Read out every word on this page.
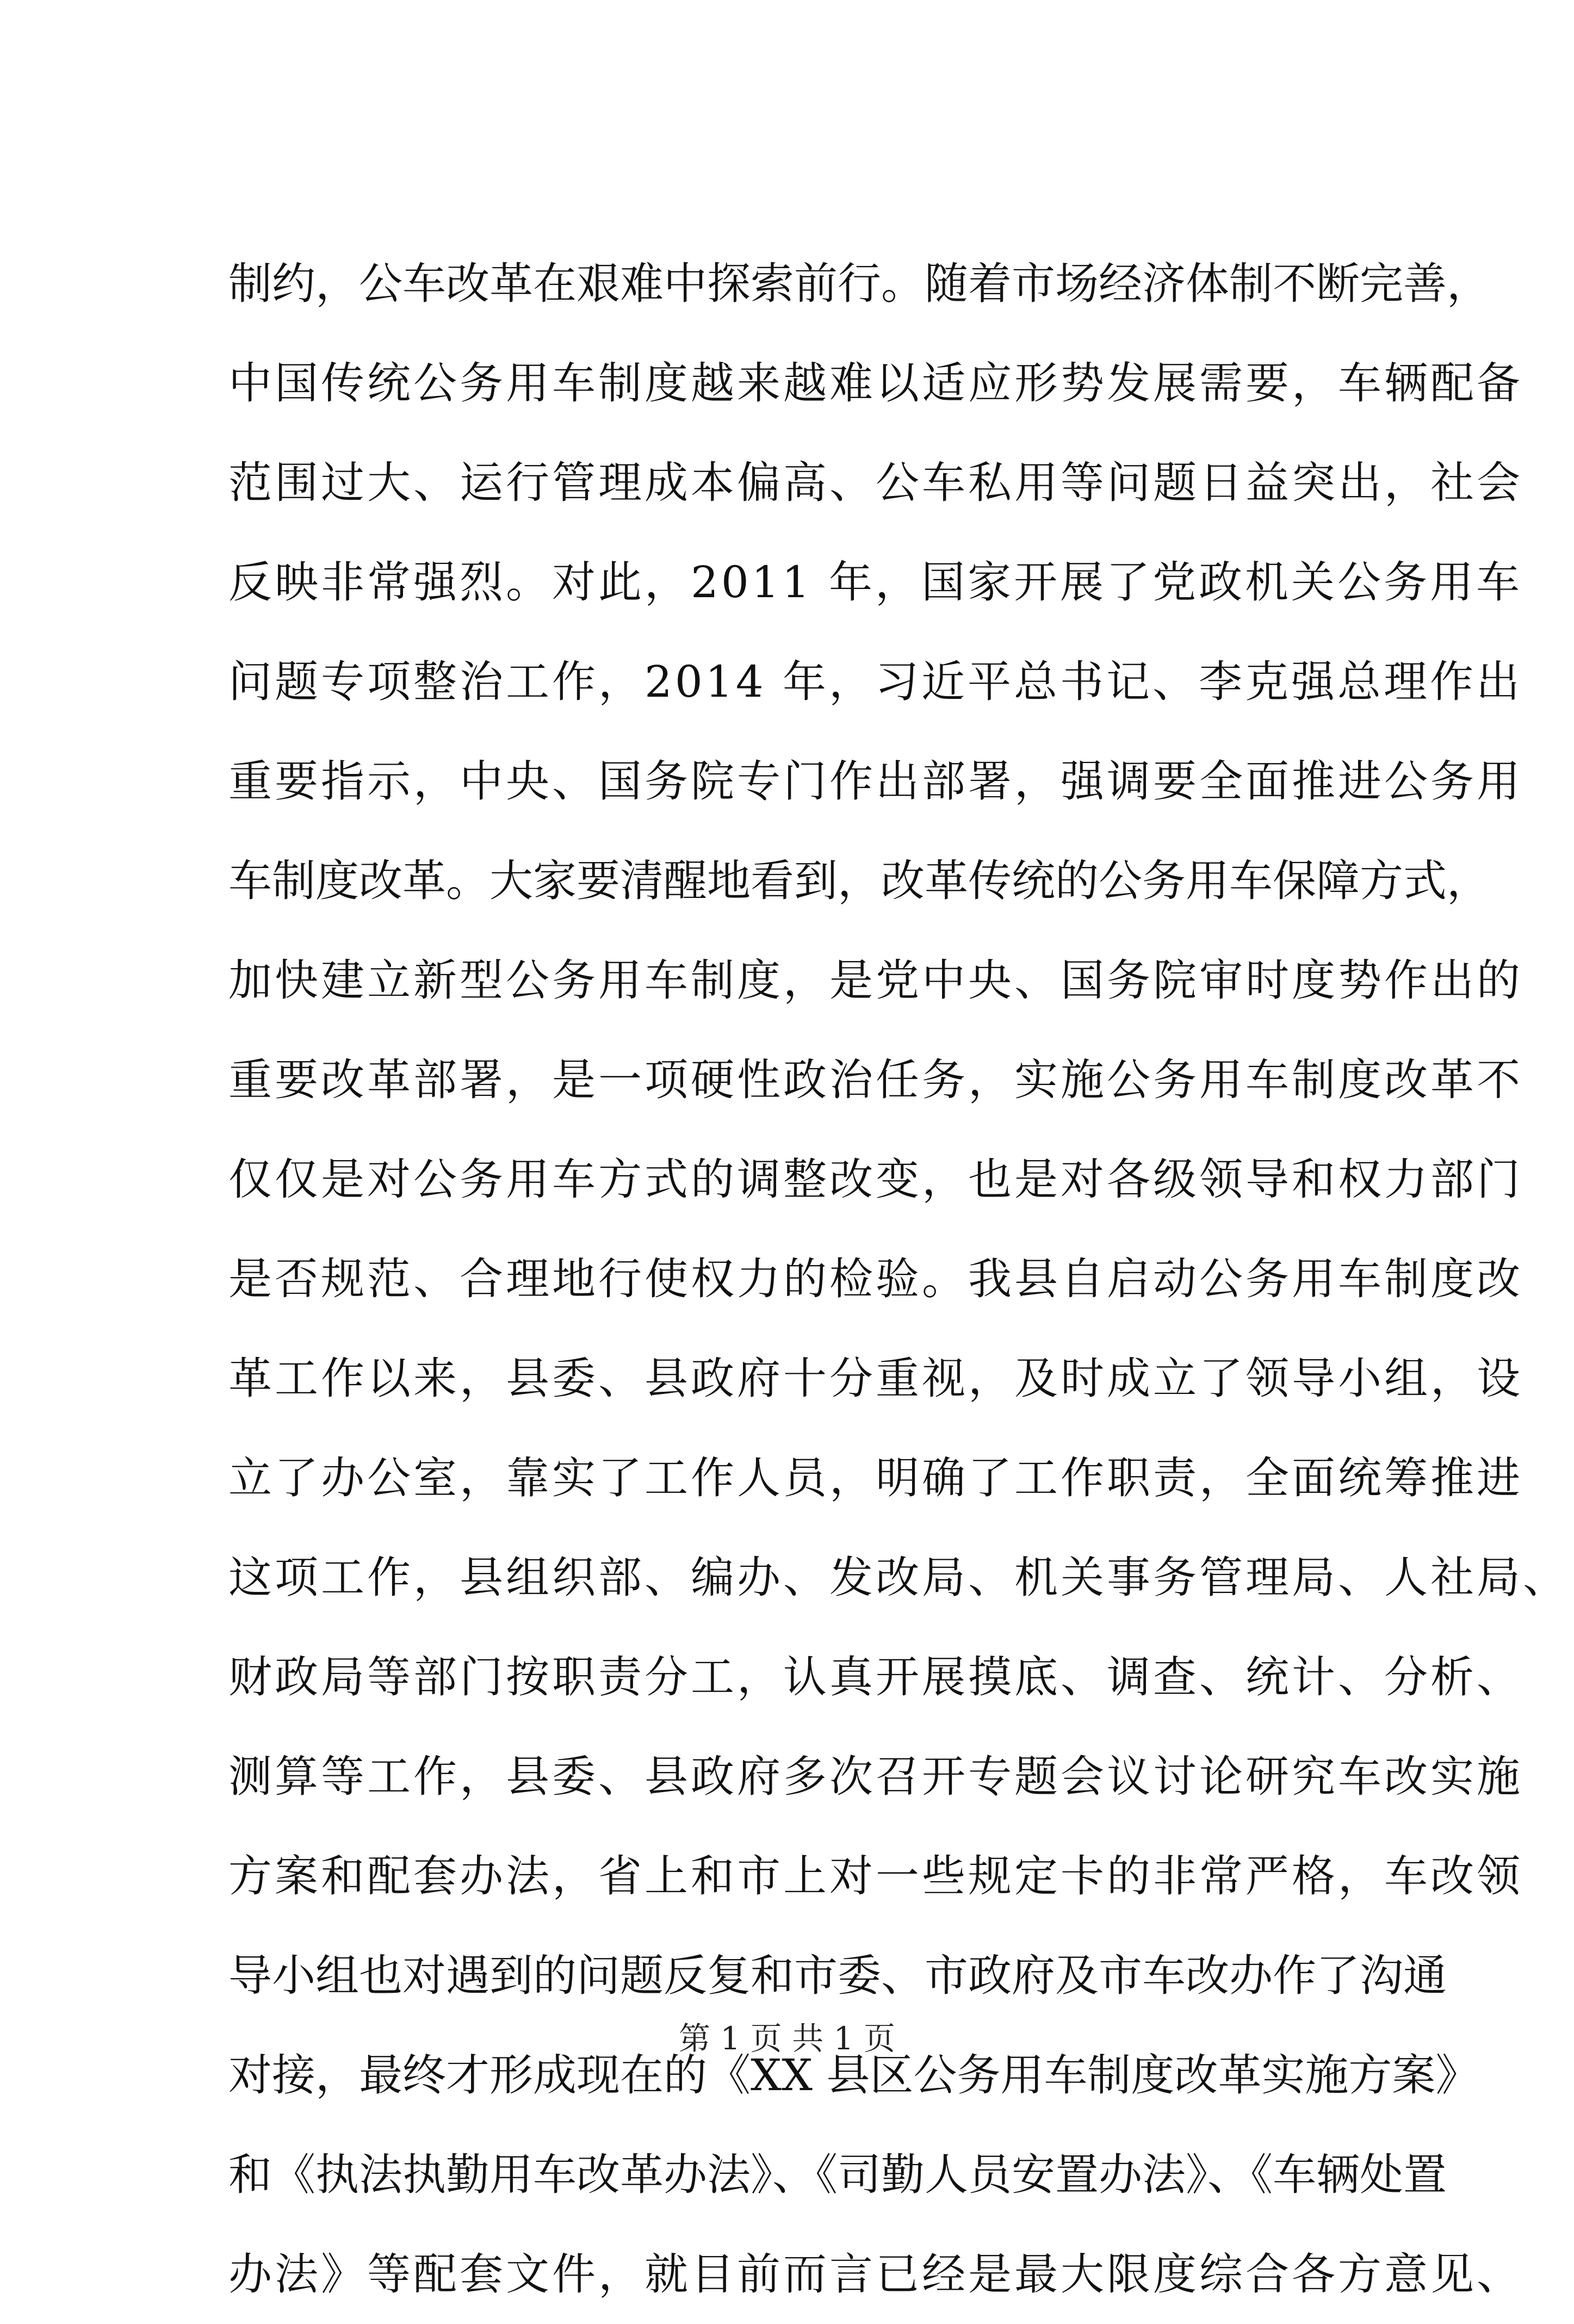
制约，公车改革在艰难中探索前行。随着市场经济体制不断完善，
中国传统公务用车制度越来越难以适应形势发展需要，车辆配备
范围过大、运行管理成本偏高、公车私用等问题日益突出，社会
反映非常强烈。对此，2011 年，国家开展了党政机关公务用车
问题专项整治工作，2014 年，习近平总书记、李克强总理作出
重要指示，中央、国务院专门作出部署，强调要全面推进公务用
车制度改革。大家要清醒地看到，改革传统的公务用车保障方式，
加快建立新型公务用车制度，是党中央、国务院审时度势作出的
重要改革部署，是一项硬性政治任务，实施公务用车制度改革不
仅仅是对公务用车方式的调整改变，也是对各级领导和权力部门
是否规范、合理地行使权力的检验。我县自启动公务用车制度改
革工作以来，县委、县政府十分重视，及时成立了领导小组，设
立了办公室，靠实了工作人员，明确了工作职责，全面统筹推进
这项工作，县组织部、编办、发改局、机关事务管理局、人社局、
财政局等部门按职责分工，认真开展摸底、调查、统计、分析、
测算等工作，县委、县政府多次召开专题会议讨论研究车改实施
方案和配套办法，省上和市上对一些规定卡的非常严格，车改领
导小组也对遇到的问题反复和市委、市政府及市车改办作了沟通
对接，最终才形成现在的《XX 县区公务用车制度改革实施方案》
和《执法执勤用车改革办法》、《司勤人员安置办法》、《车辆处置
办法》等配套文件，就目前而言已经是最大限度综合各方意见、
第 1 页 共 1 页
